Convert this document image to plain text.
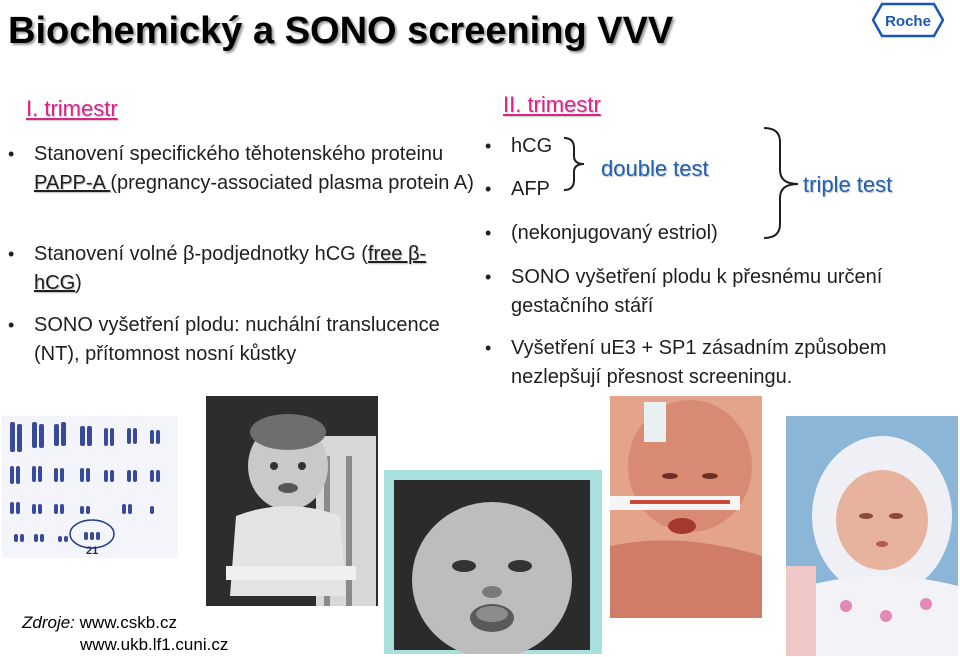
Biochemický a SONO screening VVV	Roche
I. trimestr
• Stanovení specifického těhotenského proteinu PAPP-A (pregnancy-associated plasma protein A)
• Stanovení volné β-podjednotky hCG (free β-hCG)
• SONO vyšetření plodu: nuchální translucence (NT), přítomnost nosní kůstky
II. trimestr
• hCG
• AFP
• (nekonjugovaný estriol)
double test
triple test
• SONO vyšetření plodu k přesnému určení gestačního stáří
• Vyšetření uE3 + SP1 zásadním způsobem nezlepšují přesnost screeningu.
21
Zdroje: www.cskb.cz
www.ukb.lf1.cuni.cz
